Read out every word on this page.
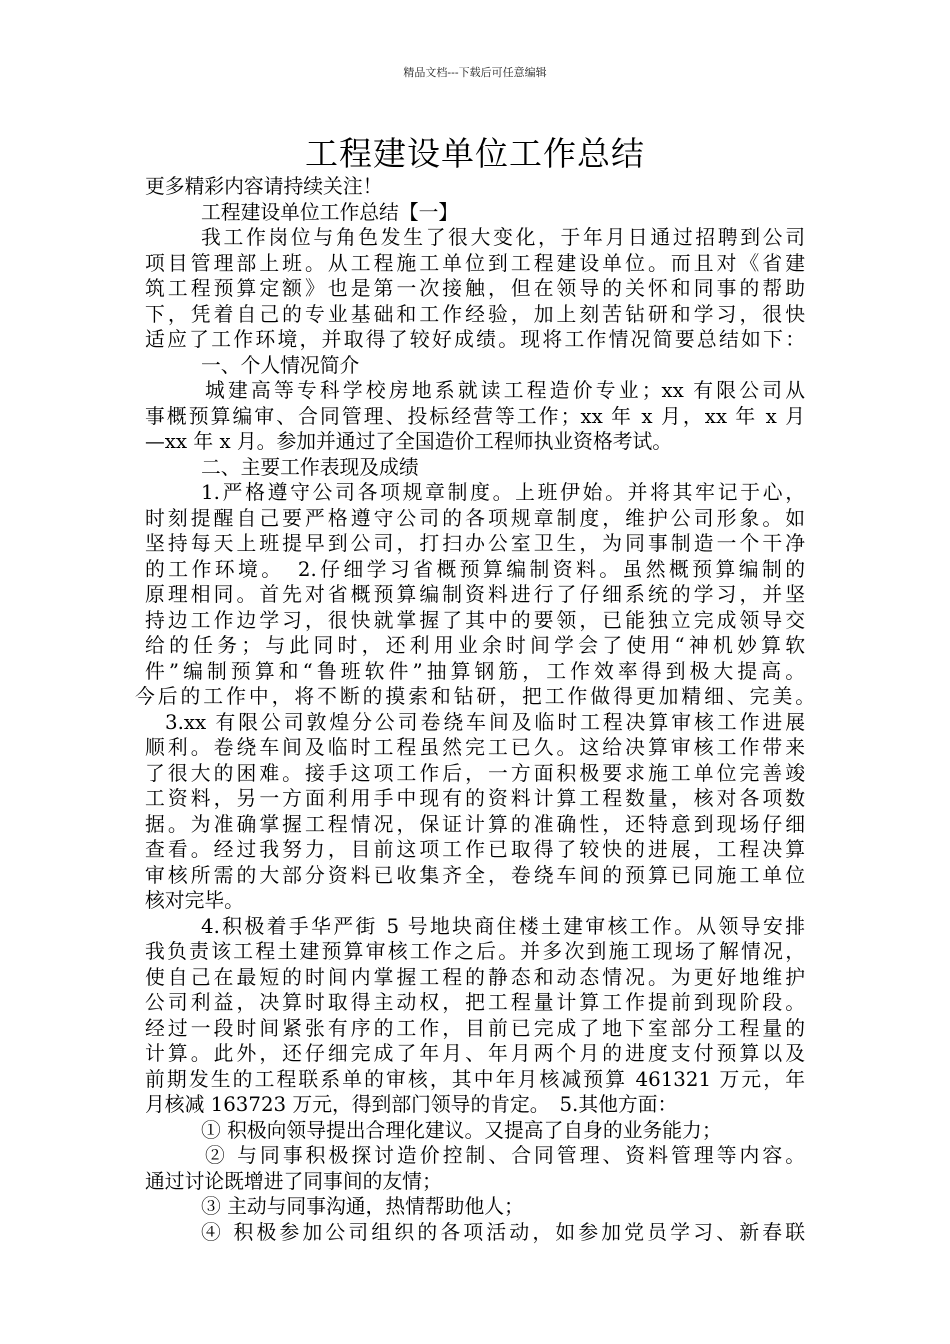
精品文档---下载后可任意编辑
工程建设单位工作总结
更多精彩内容请持续关注！
工程建设单位工作总结【一】
我工作岗位与角色发生了很大变化，于年月日通过招聘到公司
项目管理部上班。从工程施工单位到工程建设单位。而且对《省建
筑工程预算定额》也是第一次接触，但在领导的关怀和同事的帮助
下，凭着自己的专业基础和工作经验，加上刻苦钻研和学习，很快
适应了工作环境，并取得了较好成绩。现将工作情况简要总结如下：
一、个人情况简介
城建高等专科学校房地系就读工程造价专业；xx 有限公司从
事概预算编审、合同管理、投标经营等工作；xx 年 x 月，xx 年 x 月
—xx 年 x 月。参加并通过了全国造价工程师执业资格考试。
二、主要工作表现及成绩
1.严格遵守公司各项规章制度。上班伊始。并将其牢记于心，
时刻提醒自己要严格遵守公司的各项规章制度，维护公司形象。如
坚持每天上班提早到公司，打扫办公室卫生，为同事制造一个干净
的工作环境。　2.仔细学习省概预算编制资料。虽然概预算编制的
原理相同。首先对省概预算编制资料进行了仔细系统的学习，并坚
持边工作边学习，很快就掌握了其中的要领，已能独立完成领导交
给的任务；与此同时，还利用业余时间学会了使用“神机妙算软
件”编制预算和“鲁班软件”抽算钢筋，工作效率得到极大提高。
今后的工作中，将不断的摸索和钻研，把工作做得更加精细、完美。
3.xx 有限公司敦煌分公司卷绕车间及临时工程决算审核工作进展
顺利。卷绕车间及临时工程虽然完工已久。这给决算审核工作带来
了很大的困难。接手这项工作后，一方面积极要求施工单位完善竣
工资料，另一方面利用手中现有的资料计算工程数量，核对各项数
据。为准确掌握工程情况，保证计算的准确性，还特意到现场仔细
查看。经过我努力，目前这项工作已取得了较快的进展，工程决算
审核所需的大部分资料已收集齐全，卷绕车间的预算已同施工单位
核对完毕。
4.积极着手华严街 5 号地块商住楼土建审核工作。从领导安排
我负责该工程土建预算审核工作之后。并多次到施工现场了解情况，
使自己在最短的时间内掌握工程的静态和动态情况。为更好地维护
公司利益，决算时取得主动权，把工程量计算工作提前到现阶段。
经过一段时间紧张有序的工作，目前已完成了地下室部分工程量的
计算。此外，还仔细完成了年月、年月两个月的进度支付预算以及
前期发生的工程联系单的审核，其中年月核减预算 461321 万元，年
月核减 163723 万元，得到部门领导的肯定。　5.其他方面：
① 积极向领导提出合理化建议。又提高了自身的业务能力；
② 与同事积极探讨造价控制、合同管理、资料管理等内容。
通过讨论既增进了同事间的友情；
③ 主动与同事沟通，热情帮助他人；
④ 积极参加公司组织的各项活动，如参加党员学习、新春联
